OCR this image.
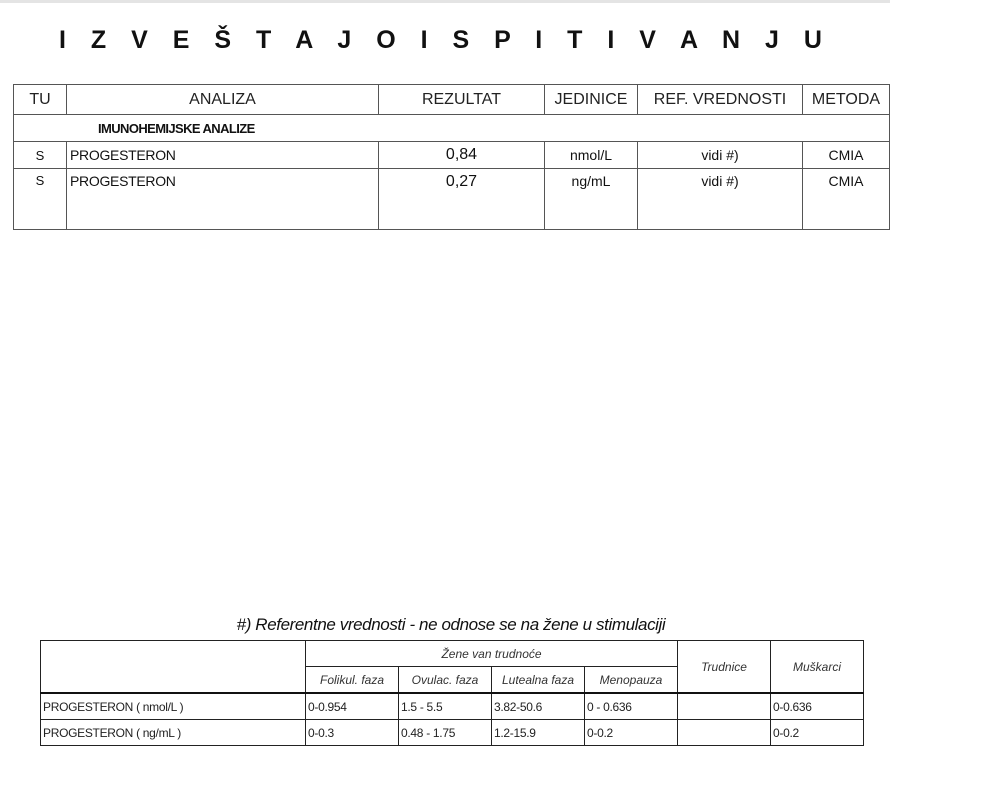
I Z V E Š T A J O I S P I T I V A N J U
TU	ANALIZA	REZULTAT	JEDINICE	REF. VREDNOSTI	METODA
IMUNOHEMIJSKE ANALIZE					
S	PROGESTERON	0,84	nmol/L	vidi #)	CMIA
S	PROGESTERON	0,27	ng/mL	vidi #)	CMIA
#) Referentne vrednosti - ne odnose se na žene u stimulaciji
	Žene van trudnoće				Trudnice	Muškarci
	Folikul. faza	Ovulac. faza	Lutealna faza	Menopauza		
PROGESTERON ( nmol/L )	0-0.954	1.5 - 5.5	3.82-50.6	0 - 0.636		0-0.636
PROGESTERON ( ng/mL )	0-0.3	0.48 - 1.75	1.2-15.9	0-0.2		0-0.2
